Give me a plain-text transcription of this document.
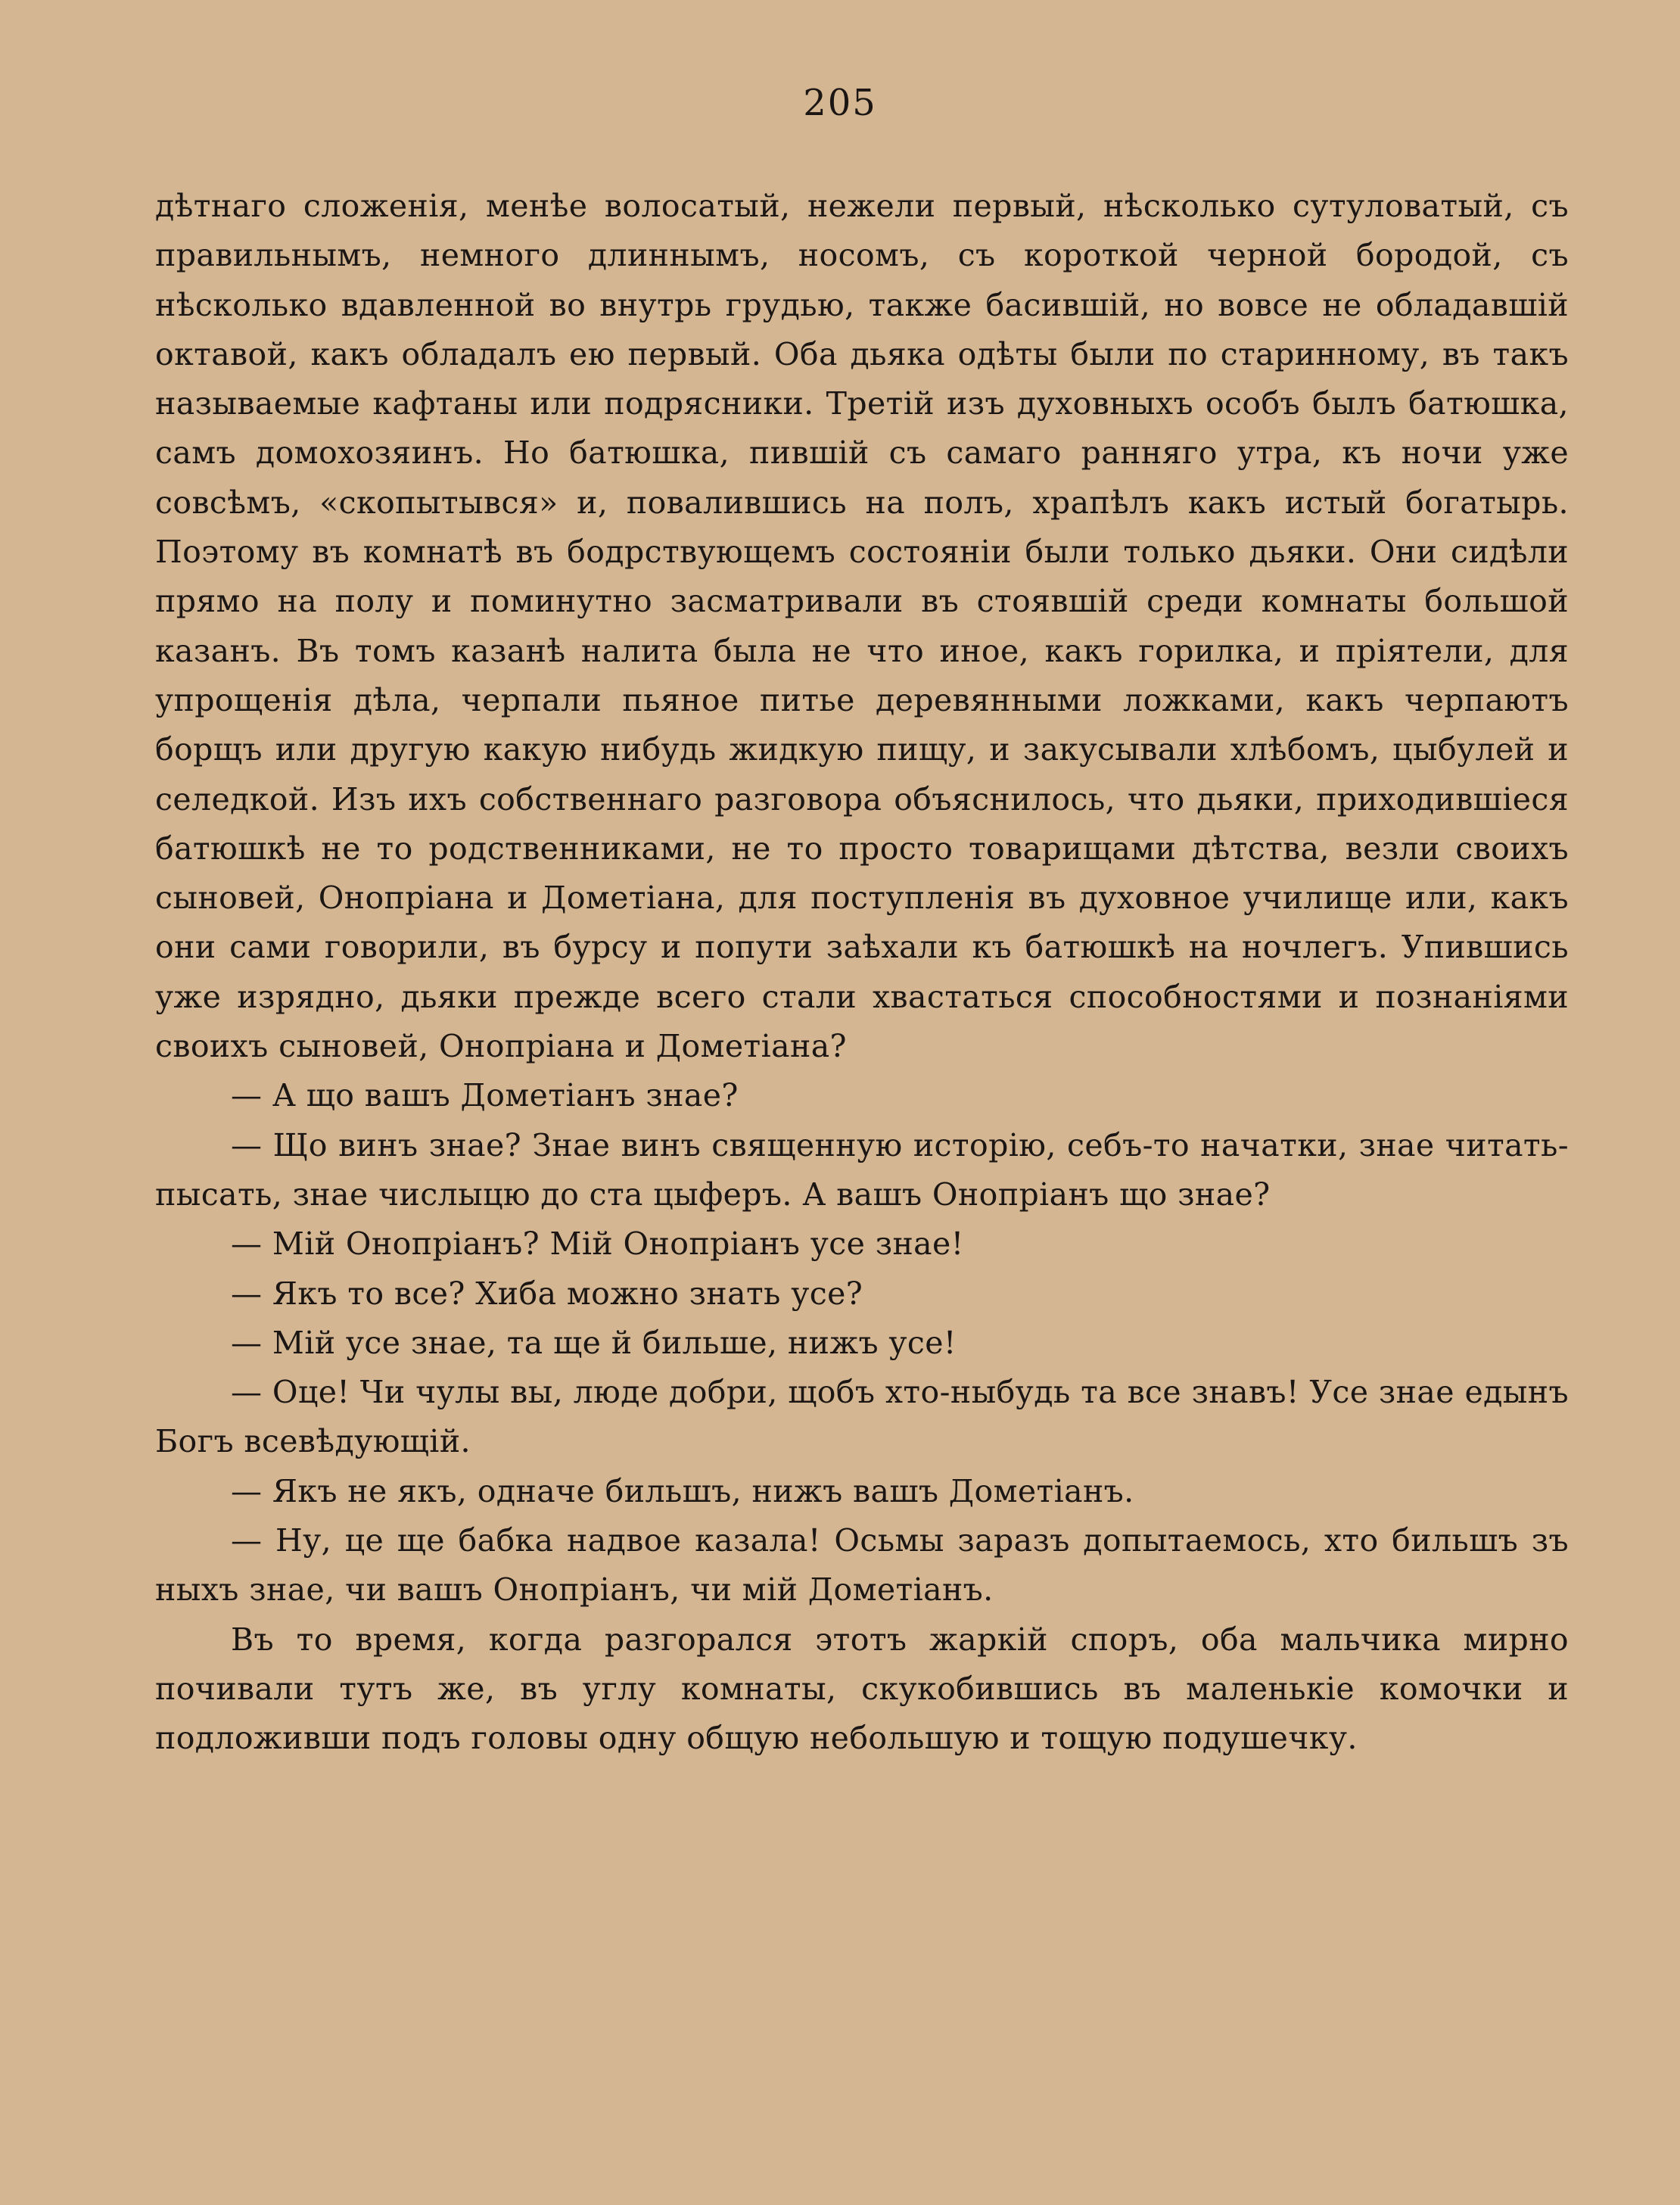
205

дѣтнаго сложенія, менѣе волосатый, нежели первый, нѣсколько сутуловатый, съ правильнымъ, немного длиннымъ, носомъ, съ короткой черной бородой, съ нѣсколько вдавленной во внутрь грудью, также басившій, но вовсе не обладавшій октавой, какъ обладалъ ею первый. Оба дьяка одѣты были по старинному, въ такъ называемые кафтаны или подрясники. Третій изъ духовныхъ особъ былъ батюшка, самъ домохозяинъ. Но батюшка, пившій съ самаго ранняго утра, къ ночи уже совсѣмъ, «скопытывся» и, повалившись на полъ, храпѣлъ какъ истый богатырь. Поэтому въ комнатѣ въ бодрствующемъ состояніи были только дьяки. Они сидѣли прямо на полу и поминутно засматривали въ стоявшій среди комнаты большой казанъ. Въ томъ казанѣ налита была не что иное, какъ горилка, и пріятели, для упрощенія дѣла, черпали пьяное питье деревянными ложками, какъ черпаютъ борщъ или другую какую нибудь жидкую пищу, и закусывали хлѣбомъ, цыбулей и селедкой. Изъ ихъ собственнаго разговора объяснилось, что дьяки, приходившіеся батюшкѣ не то родственниками, не то просто товарищами дѣтства, везли своихъ сыновей, Онопріана и Дометіана, для поступленія въ духовное училище или, какъ они сами говорили, въ бурсу и попути заѣхали къ батюшкѣ на ночлегъ. Упившись уже изрядно, дьяки прежде всего стали хвастаться способностями и познаніями своихъ сыновей, Онопріана и Дометіана?

— А що вашъ Дометіанъ знае?

— Що винъ знае? Знае винъ священную исторію, себъ-то начатки, знае читать-пысать, знае числыцю до ста цыферъ. А вашъ Онопріанъ що знае?

— Мій Онопріанъ? Мій Онопріанъ усе знае!

— Якъ то все? Хиба можно знать усе?

— Мій усе знае, та ще й бильше, нижъ усе!

— Оце! Чи чулы вы, люде добри, щобъ хто-ныбудь та все знавъ! Усе знае едынъ Богъ всевѣдующій.

— Якъ не якъ, одначе бильшъ, нижъ вашъ Дометіанъ.

— Ну, це ще бабка надвое казала! Осьмы заразъ допытаемось, хто бильшъ зъ ныхъ знае, чи вашъ Онопріанъ, чи мій Дометіанъ.

Въ то время, когда разгорался этотъ жаркій споръ, оба мальчика мирно почивали тутъ же, въ углу комнаты, скукобившись въ маленькіе комочки и подложивши подъ головы одну общую небольшую и тощую подушечку.
